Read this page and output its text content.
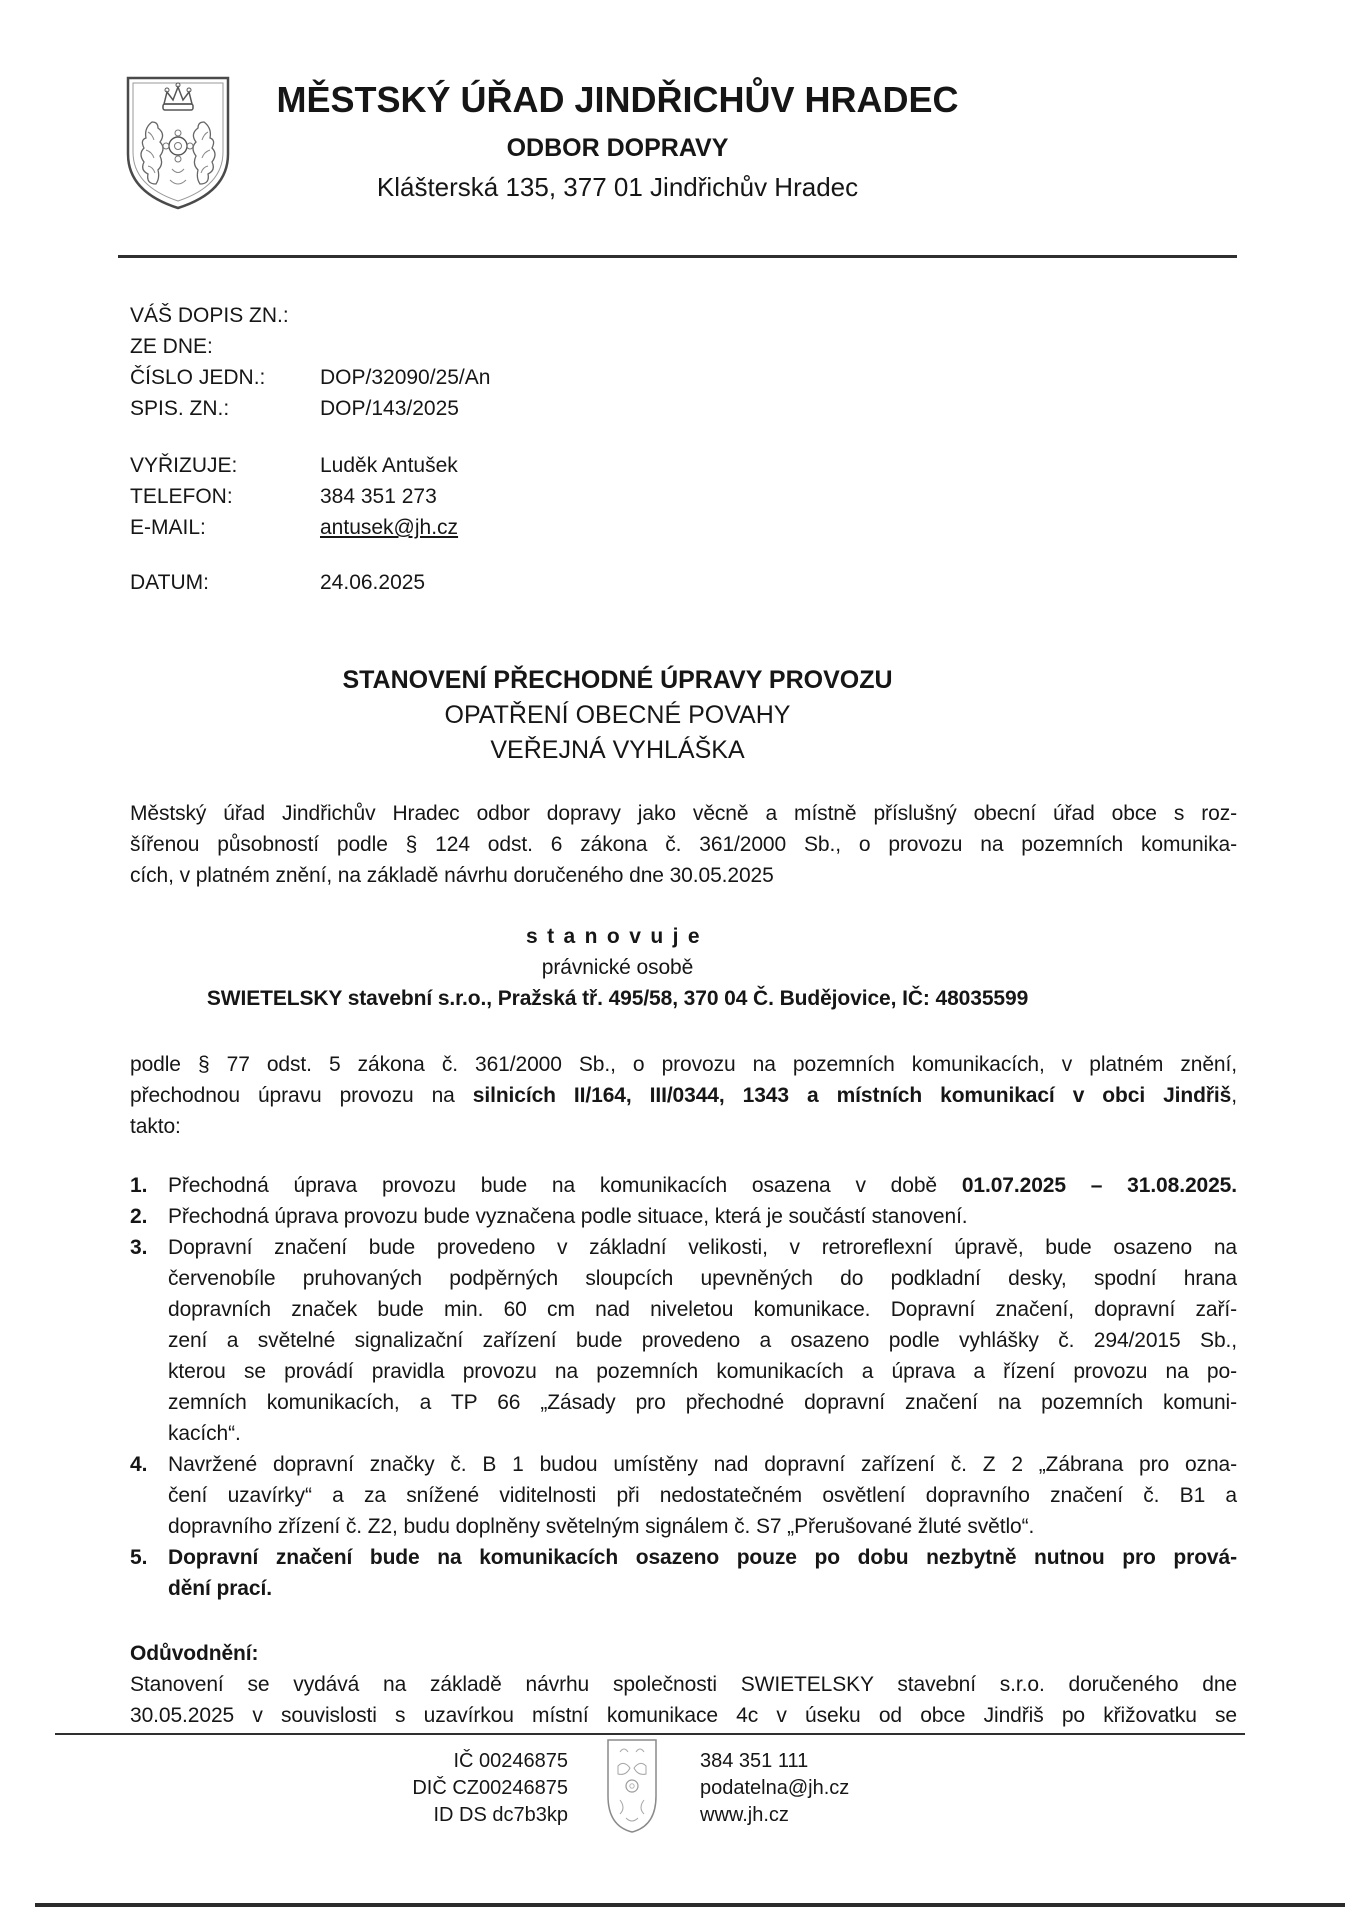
MĚSTSKÝ ÚŘAD JINDŘICHŮV HRADEC
ODBOR DOPRAVY
Klášterská 135, 377 01 Jindřichův Hradec
VÁŠ DOPIS ZN.:
ZE DNE:
ČÍSLO JEDN.:	DOP/32090/25/An
SPIS. ZN.:	DOP/143/2025
VYŘIZUJE:	Luděk Antušek
TELEFON:	384 351 273
E-MAIL:	antusek@jh.cz
DATUM:	24.06.2025
STANOVENÍ PŘECHODNÉ ÚPRAVY PROVOZU
OPATŘENÍ OBECNÉ POVAHY
VEŘEJNÁ VYHLÁŠKA
Městský úřad Jindřichův Hradec odbor dopravy jako věcně a místně příslušný obecní úřad obce s roz-
šířenou působností podle § 124 odst. 6 zákona č. 361/2000 Sb., o provozu na pozemních komunika-
cích, v platném znění, na základě návrhu doručeného dne 30.05.2025
stanovuje
právnické osobě
SWIETELSKY stavební s.r.o., Pražská tř. 495/58, 370 04 Č. Budějovice, IČ: 48035599
podle § 77 odst. 5 zákona č. 361/2000 Sb., o provozu na pozemních komunikacích, v platném znění,
přechodnou úpravu provozu na silnicích II/164, III/0344, 1343 a místních komunikací v obci Jindřiš,
takto:
1. Přechodná úprava provozu bude na komunikacích osazena v době 01.07.2025 – 31.08.2025.
2. Přechodná úprava provozu bude vyznačena podle situace, která je součástí stanovení.
3. Dopravní značení bude provedeno v základní velikosti, v retroreflexní úpravě, bude osazeno na
červenobíle pruhovaných podpěrných sloupcích upevněných do podkladní desky, spodní hrana
dopravních značek bude min. 60 cm nad niveletou komunikace. Dopravní značení, dopravní zaří-
zení a světelné signalizační zařízení bude provedeno a osazeno podle vyhlášky č. 294/2015 Sb.,
kterou se provádí pravidla provozu na pozemních komunikacích a úprava a řízení provozu na po-
zemních komunikacích, a TP 66 „Zásady pro přechodné dopravní značení na pozemních komuni-
kacích“.
4. Navržené dopravní značky č. B 1 budou umístěny nad dopravní zařízení č. Z 2 „Zábrana pro ozna-
čení uzavírky“ a za snížené viditelnosti při nedostatečném osvětlení dopravního značení č. B1 a
dopravního zřízení č. Z2, budu doplněny světelným signálem č. S7 „Přerušované žluté světlo“.
5. Dopravní značení bude na komunikacích osazeno pouze po dobu nezbytně nutnou pro prová-
dění prací.
Odůvodnění:
Stanovení se vydává na základě návrhu společnosti SWIETELSKY stavební s.r.o. doručeného dne
30.05.2025 v souvislosti s uzavírkou místní komunikace 4c v úseku od obce Jindřiš po křižovatku se
IČ 00246875
DIČ CZ00246875
ID DS dc7b3kp
384 351 111
podatelna@jh.cz
www.jh.cz
